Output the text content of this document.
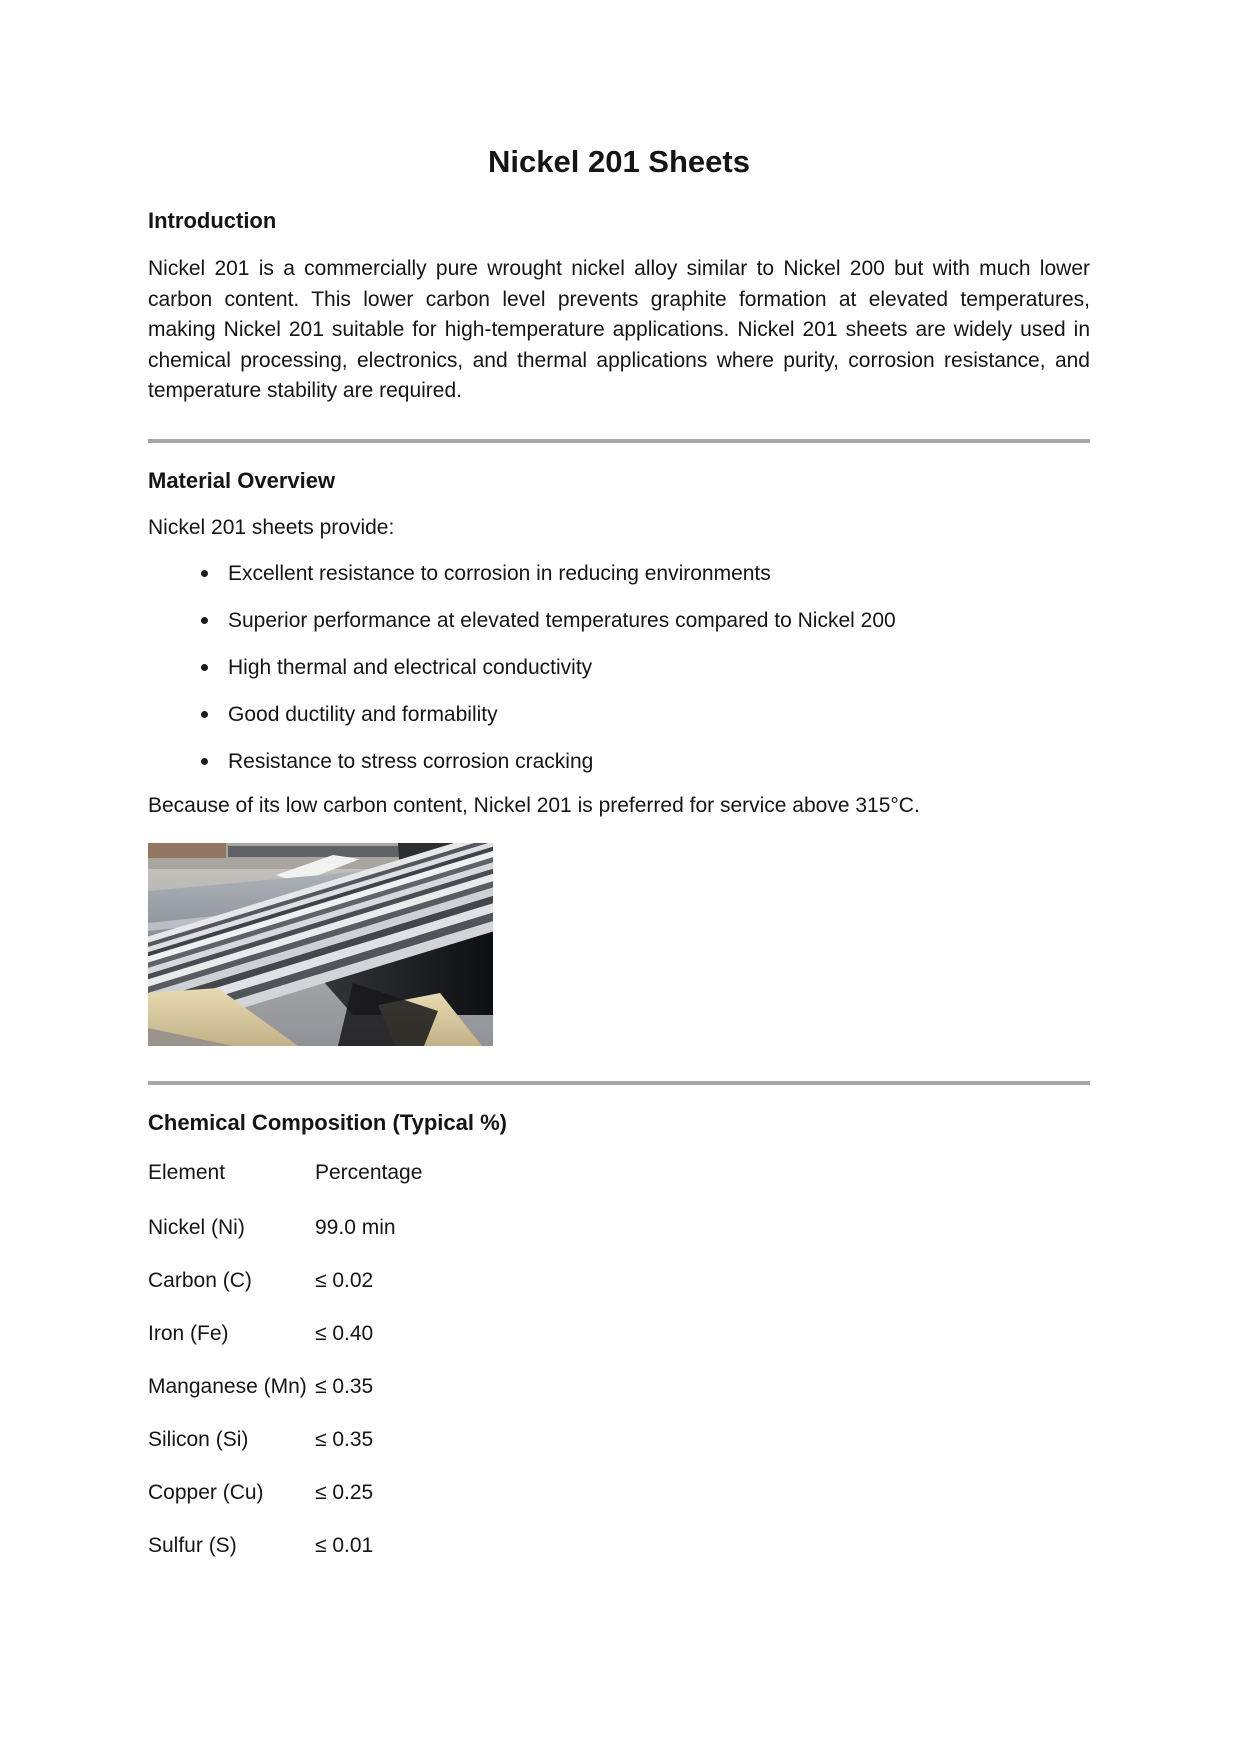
Nickel 201 Sheets
Introduction

Nickel 201 is a commercially pure wrought nickel alloy similar to Nickel 200 but with much lower carbon content. This lower carbon level prevents graphite formation at elevated temperatures, making Nickel 201 suitable for high-temperature applications. Nickel 201 sheets are widely used in chemical processing, electronics, and thermal applications where purity, corrosion resistance, and temperature stability are required.

Material Overview

Nickel 201 sheets provide:

Excellent resistance to corrosion in reducing environments
Superior performance at elevated temperatures compared to Nickel 200
High thermal and electrical conductivity
Good ductility and formability
Resistance to stress corrosion cracking

Because of its low carbon content, Nickel 201 is preferred for service above 315°C.

Chemical Composition (Typical %)
Element	Percentage
Nickel (Ni)	99.0 min
Carbon (C)	≤ 0.02
Iron (Fe)	≤ 0.40
Manganese (Mn) ≤ 0.35
Silicon (Si)	≤ 0.35
Copper (Cu)	≤ 0.25
Sulfur (S)	≤ 0.01
